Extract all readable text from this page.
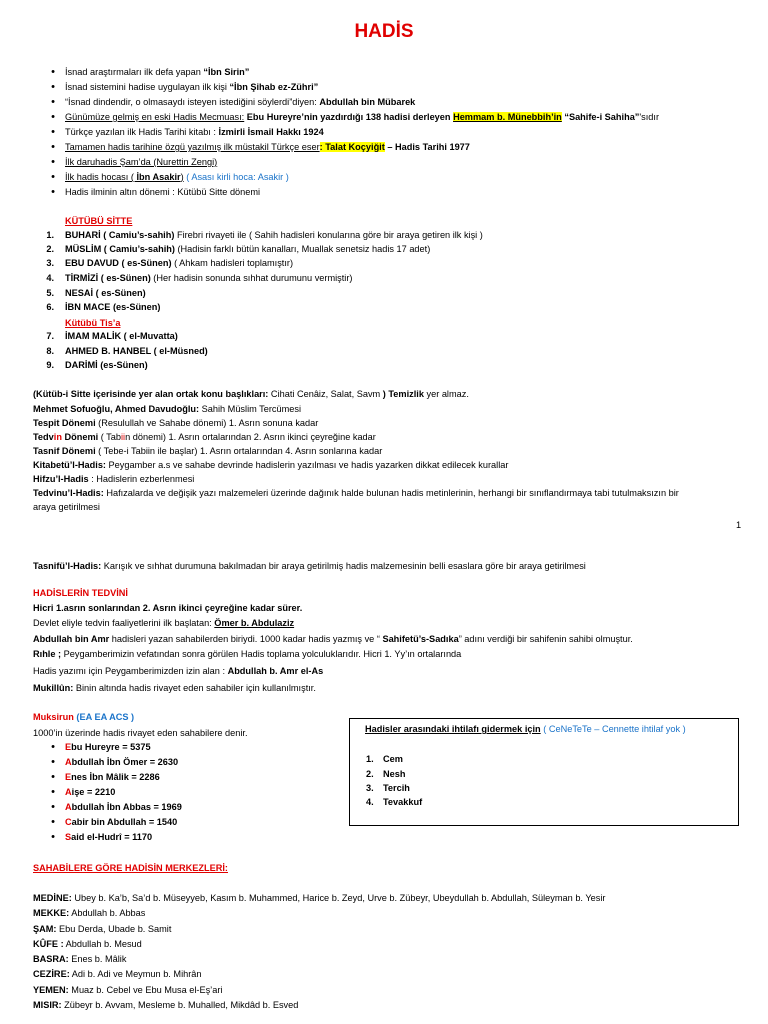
HADİS
•
İsnad araştırmaları ilk defa yapan “İbn Sirin”
•
İsnad sistemini hadise uygulayan ilk kişi “İbn Şihab ez-Zühri”
•
“İsnad dindendir, o olmasaydı isteyen istediğini söylerdi”diyen: Abdullah bin Mübarek
•
Günümüze gelmiş en eski Hadis Mecmuası: Ebu Hureyre’nin yazdırdığı 138 hadisi derleyen Hemmam b. Münebbih’in “Sahife-i Sahiha”'sıdır
•
Türkçe yazılan ilk Hadis Tarihi kitabı : İzmirli İsmail Hakkı 1924
•
Tamamen hadis tarihine özgü yazılmış ilk müstakil Türkçe eser: Talat Koçyiğit – Hadis Tarihi 1977
•
İlk daruhadis Şam’da (Nurettin Zengi)
•
İlk hadis hocası ( İbn Asakir) ( Asası kirli hoca: Asakir )
•
Hadis ilminin altın dönemi : Kütübü Sitte dönemi
KÜTÜBÜ SİTTE
1. BUHARİ ( Camiu’s-sahih) Firebri rivayeti ile ( Sahih hadisleri konularına göre bir araya getiren ilk kişi )
2. MÜSLİM ( Camiu’s-sahih) (Hadisin farklı bütün kanalları, Muallak senetsiz hadis 17 adet)
3. EBU DAVUD ( es-Sünen) ( Ahkam hadisleri toplamıştır)
4. TİRMİZİ ( es-Sünen) (Her hadisin sonunda sıhhat durumunu vermiştir)
5. NESAİ ( es-Sünen)
6. İBN MACE (es-Sünen)
Kütübü Tis’a
7. İMAM MALİK ( el-Muvatta)
8. AHMED B. HANBEL ( el-Müsned)
9. DARİMİ (es-Sünen)
(Kütüb-i Sitte içerisinde yer alan ortak konu başlıkları: Cihati Cenâiz, Salat, Savm ) Temizlik yer almaz.
Mehmet Sofuoğlu, Ahmed Davudoğlu: Sahih Müslim Tercümesi
Tespit Dönemi (Resulullah ve Sahabe dönemi) 1. Asrın sonuna kadar
Tedvin Dönemi ( Tabiin dönemi) 1. Asrın ortalarından 2. Asrın ikinci çeyreğine kadar
Tasnif Dönemi ( Tebe-i Tabiin ile başlar) 1. Asrın ortalarından 4. Asrın sonlarına kadar
Kitabetü’l-Hadis: Peygamber a.s ve sahabe devrinde hadislerin yazılması ve hadis yazarken dikkat edilecek kurallar
Hifzu’l-Hadis : Hadislerin ezberlenmesi
Tedvinu’l-Hadis: Hafızalarda ve değişik yazı malzemeleri üzerinde dağınık halde bulunan hadis metinlerinin, herhangi bir sınıflandırmaya tabi tutulmaksızın bir
araya getirilmesi
1
Tasnifü’l-Hadis: Karışık ve sıhhat durumuna bakılmadan bir araya getirilmiş hadis malzemesinin belli esaslara göre bir araya getirilmesi
HADİSLERİN TEDVİNİ
Hicri 1.asrın sonlarından 2. Asrın ikinci çeyreğine kadar sürer.
Devlet eliyle tedvin faaliyetlerini ilk başlatan: Ömer b. Abdulaziz
Abdullah bin Amr hadisleri yazan sahabilerden biriydi. 1000 kadar hadis yazmış ve “ Sahifetü’s-Sadıka” adını verdiği bir sahifenin sahibi olmuştur.
Rıhle ; Peygamberimizin vefatından sonra görülen Hadis toplama yolculuklarıdır. Hicri 1. Yy’ın ortalarında
Hadis yazımı için Peygamberimizden izin alan : Abdullah b. Amr el-As
Mukillûn: Binin altında hadis rivayet eden sahabiler için kullanılmıştır.
Muksirun (EA EA ACS )
1000’in üzerinde hadis rivayet eden sahabilere denir.
•
Ebu Hureyre = 5375
•
Abdullah İbn Ömer = 2630
•
Enes İbn Mâlik = 2286
•
Aişe = 2210
•
Abdullah İbn Abbas = 1969
•
Cabir bin Abdullah = 1540
•
Said el-Hudrî = 1170
Hadisler arasındaki ihtilafı gidermek için ( CeNeTeTe – Cennette ihtilaf yok )
1. Cem
2. Nesh
3. Tercih
4. Tevakkuf
SAHABİLERE GÖRE HADİSİN MERKEZLERİ:
MEDİNE: Ubey b. Ka’b, Sa’d b. Müseyyeb, Kasım b. Muhammed, Harice b. Zeyd, Urve b. Zübeyr, Ubeydullah b. Abdullah, Süleyman b. Yesir
MEKKE: Abdullah b. Abbas
ŞAM: Ebu Derda, Ubade b. Samit
KÛFE : Abdullah b. Mesud
BASRA: Enes b. Mâlik
CEZİRE: Adi b. Adi ve Meymun b. Mihrân
YEMEN: Muaz b. Cebel ve Ebu Musa el-Eş’ari
MISIR: Zübeyr b. Avvam, Mesleme b. Muhalled, Mikdâd b. Esved
